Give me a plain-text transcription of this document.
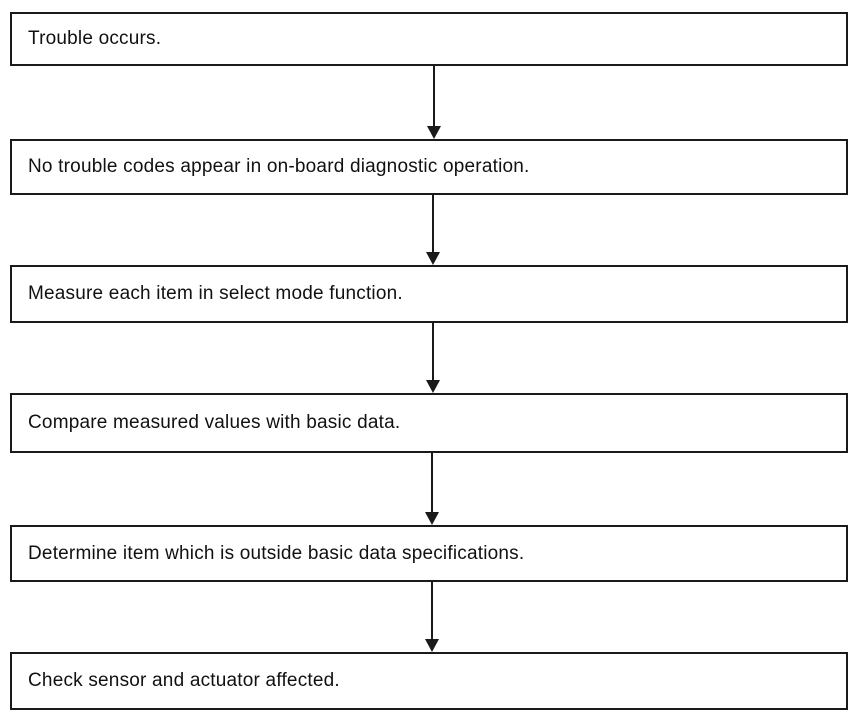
Trouble occurs.
No trouble codes appear in on-board diagnostic operation.
Measure each item in select mode function.
Compare measured values with basic data.
Determine item which is outside basic data specifications.
Check sensor and actuator affected.
